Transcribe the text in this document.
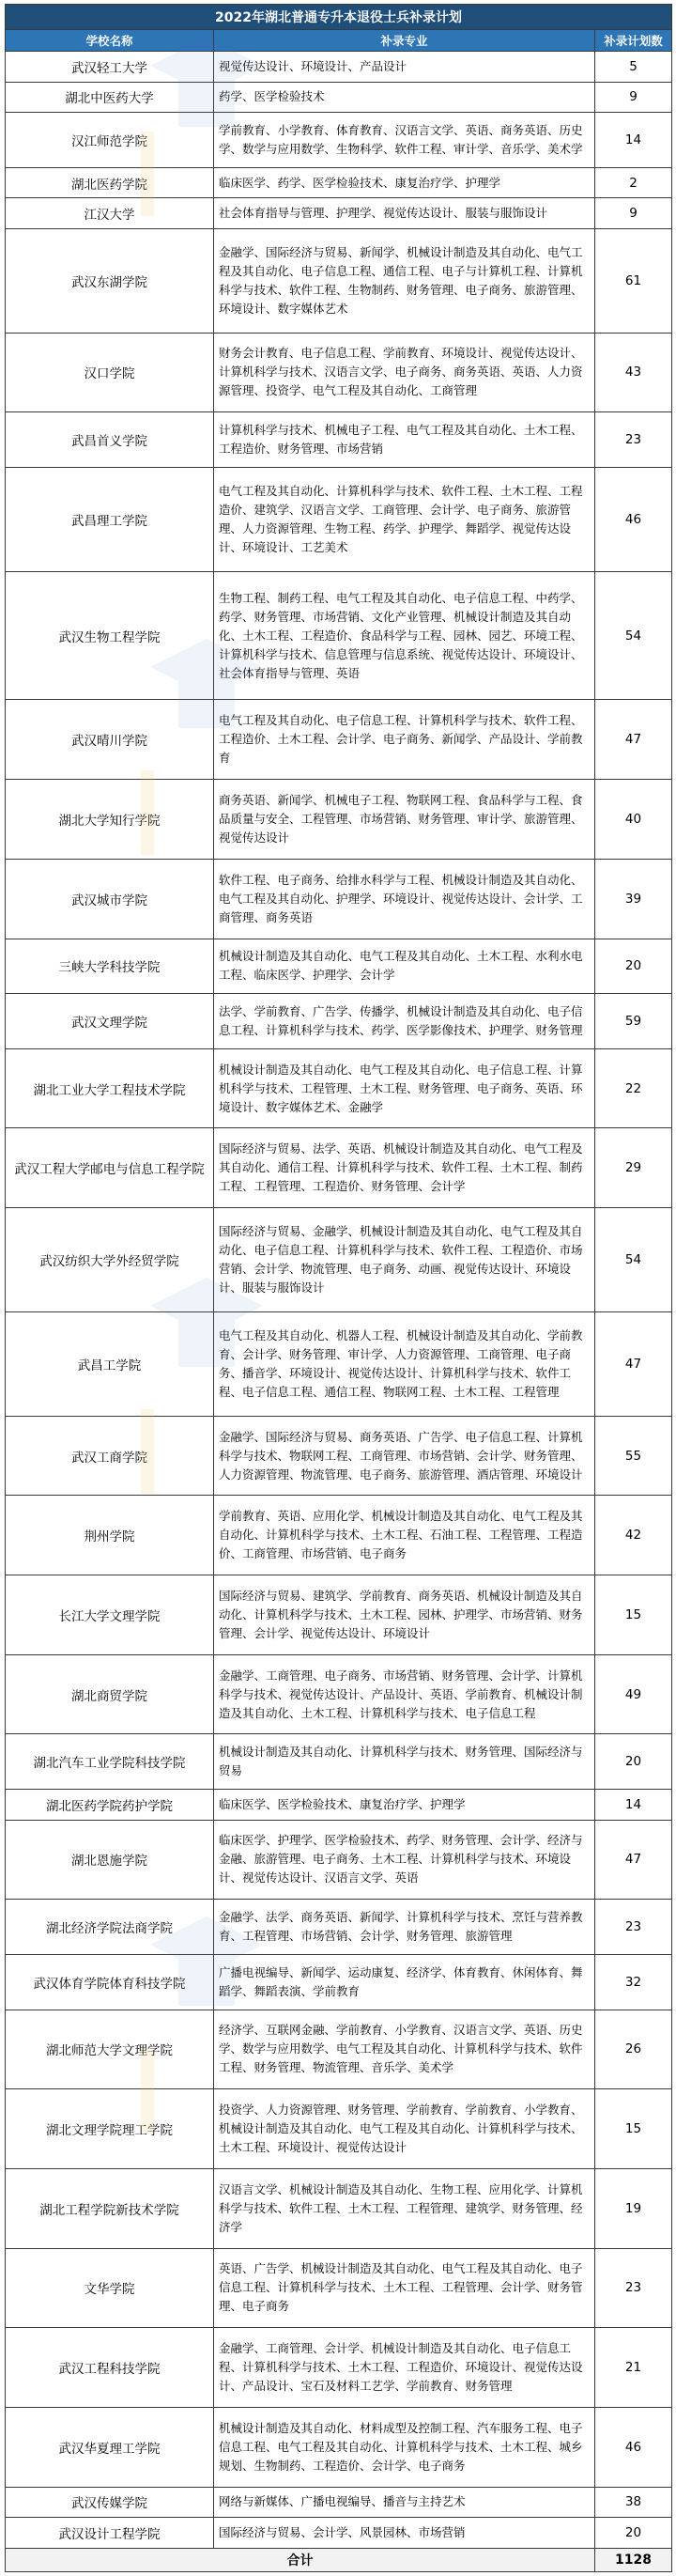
2022年湖北普通专升本退役士兵补录计划		
学校名称	补录专业	补录计划数
武汉轻工大学	视觉传达设计、环境设计、产品设计	5
湖北中医药大学	药学、医学检验技术	9
汉江师范学院	学前教育、小学教育、体育教育、汉语言文学、英语、商务英语、历史学、数学与应用数学、生物科学、软件工程、审计学、音乐学、美术学	14
湖北医药学院	临床医学、药学、医学检验技术、康复治疗学、护理学	2
江汉大学	社会体育指导与管理、护理学、视觉传达设计、服装与服饰设计	9
武汉东湖学院	金融学、国际经济与贸易、新闻学、机械设计制造及其自动化、电气工程及其自动化、电子信息工程、通信工程、电子与计算机工程、计算机科学与技术、软件工程、生物制药、财务管理、电子商务、旅游管理、环境设计、数字媒体艺术	61
汉口学院	财务会计教育、电子信息工程、学前教育、环境设计、视觉传达设计、计算机科学与技术、汉语言文学、电子商务、商务英语、英语、人力资源管理、投资学、电气工程及其自动化、工商管理	43
武昌首义学院	计算机科学与技术、机械电子工程、电气工程及其自动化、土木工程、工程造价、财务管理、市场营销	23
武昌理工学院	电气工程及其自动化、计算机科学与技术、软件工程、土木工程、工程造价、建筑学、汉语言文学、工商管理、会计学、电子商务、旅游管理、人力资源管理、生物工程、药学、护理学、舞蹈学、视觉传达设计、环境设计、工艺美术	46
武汉生物工程学院	生物工程、制药工程、电气工程及其自动化、电子信息工程、中药学、药学、财务管理、市场营销、文化产业管理、机械设计制造及其自动化、土木工程、工程造价、食品科学与工程、园林、园艺、环境工程、计算机科学与技术、信息管理与信息系统、视觉传达设计、环境设计、社会体育指导与管理、英语	54
武汉晴川学院	电气工程及其自动化、电子信息工程、计算机科学与技术、软件工程、工程造价、土木工程、会计学、电子商务、新闻学、产品设计、学前教育	47
湖北大学知行学院	商务英语、新闻学、机械电子工程、物联网工程、食品科学与工程、食品质量与安全、工程管理、市场营销、财务管理、审计学、旅游管理、视觉传达设计	40
武汉城市学院	软件工程、电子商务、给排水科学与工程、机械设计制造及其自动化、电气工程及其自动化、护理学、环境设计、视觉传达设计、会计学、工商管理、商务英语	39
三峡大学科技学院	机械设计制造及其自动化、电气工程及其自动化、土木工程、水利水电工程、临床医学、护理学、会计学	20
武汉文理学院	法学、学前教育、广告学、传播学、机械设计制造及其自动化、电子信息工程、计算机科学与技术、药学、医学影像技术、护理学、财务管理	59
湖北工业大学工程技术学院	机械设计制造及其自动化、电气工程及其自动化、电子信息工程、计算机科学与技术、工程管理、土木工程、财务管理、电子商务、英语、环境设计、数字媒体艺术、金融学	22
武汉工程大学邮电与信息工程学院	国际经济与贸易、法学、英语、机械设计制造及其自动化、电气工程及其自动化、通信工程、计算机科学与技术、软件工程、土木工程、制药工程、工程管理、工程造价、财务管理、会计学	29
武汉纺织大学外经贸学院	国际经济与贸易、金融学、机械设计制造及其自动化、电气工程及其自动化、电子信息工程、计算机科学与技术、软件工程、工程造价、市场营销、会计学、物流管理、电子商务、动画、视觉传达设计、环境设计、服装与服饰设计	54
武昌工学院	电气工程及其自动化、机器人工程、机械设计制造及其自动化、学前教育、会计学、财务管理、审计学、人力资源管理、工商管理、电子商务、播音学、环境设计、视觉传达设计、计算机科学与技术、软件工程、电子信息工程、通信工程、物联网工程、土木工程、工程管理	47
武汉工商学院	金融学、国际经济与贸易、商务英语、广告学、电子信息工程、计算机科学与技术、物联网工程、工商管理、市场营销、会计学、财务管理、人力资源管理、物流管理、电子商务、旅游管理、酒店管理、环境设计	55
荆州学院	学前教育、英语、应用化学、机械设计制造及其自动化、电气工程及其自动化、计算机科学与技术、土木工程、石油工程、工程管理、工程造价、工商管理、市场营销、电子商务	42
长江大学文理学院	国际经济与贸易、建筑学、学前教育、商务英语、机械设计制造及其自动化、计算机科学与技术、土木工程、园林、护理学、市场营销、财务管理、会计学、视觉传达设计、环境设计	15
湖北商贸学院	金融学、工商管理、电子商务、市场营销、财务管理、会计学、计算机科学与技术、视觉传达设计、产品设计、英语、学前教育、机械设计制造及其自动化、土木工程、计算机科学与技术、电子信息工程	49
湖北汽车工业学院科技学院	机械设计制造及其自动化、计算机科学与技术、财务管理、国际经济与贸易	20
湖北医药学院药护学院	临床医学、医学检验技术、康复治疗学、护理学	14
湖北恩施学院	临床医学、护理学、医学检验技术、药学、财务管理、会计学、经济与金融、旅游管理、电子商务、土木工程、计算机科学与技术、环境设计、视觉传达设计、汉语言文学、英语	47
湖北经济学院法商学院	金融学、法学、商务英语、新闻学、计算机科学与技术、烹饪与营养教育、工程管理、市场营销、会计学、财务管理、旅游管理	23
武汉体育学院体育科技学院	广播电视编导、新闻学、运动康复、经济学、体育教育、休闲体育、舞蹈学、舞蹈表演、学前教育	32
湖北师范大学文理学院	经济学、互联网金融、学前教育、小学教育、汉语言文学、英语、历史学、数学与应用数学、电气工程及其自动化、计算机科学与技术、软件工程、财务管理、物流管理、音乐学、美术学	26
湖北文理学院理工学院	投资学、人力资源管理、财务管理、学前教育、学前教育、小学教育、机械设计制造及其自动化、电气工程及其自动化、计算机科学与技术、土木工程、环境设计、视觉传达设计	15
湖北工程学院新技术学院	汉语言文学、机械设计制造及其自动化、生物工程、应用化学、计算机科学与技术、软件工程、土木工程、工程管理、建筑学、财务管理、经济学	19
文华学院	英语、广告学、机械设计制造及其自动化、电气工程及其自动化、电子信息工程、计算机科学与技术、土木工程、工程管理、会计学、财务管理、电子商务	23
武汉工程科技学院	金融学、工商管理、会计学、机械设计制造及其自动化、电子信息工程、计算机科学与技术、土木工程、工程造价、环境设计、视觉传达设计、产品设计、宝石及材料工艺学、学前教育、财务管理	21
武汉华夏理工学院	机械设计制造及其自动化、材料成型及控制工程、汽车服务工程、电子信息工程、电气工程及其自动化、计算机科学与技术、土木工程、城乡规划、生物制药、工程造价、会计学、电子商务	46
武汉传媒学院	网络与新媒体、广播电视编导、播音与主持艺术	38
武汉设计工程学院	国际经济与贸易、会计学、风景园林、市场营销	20
合计		1128
